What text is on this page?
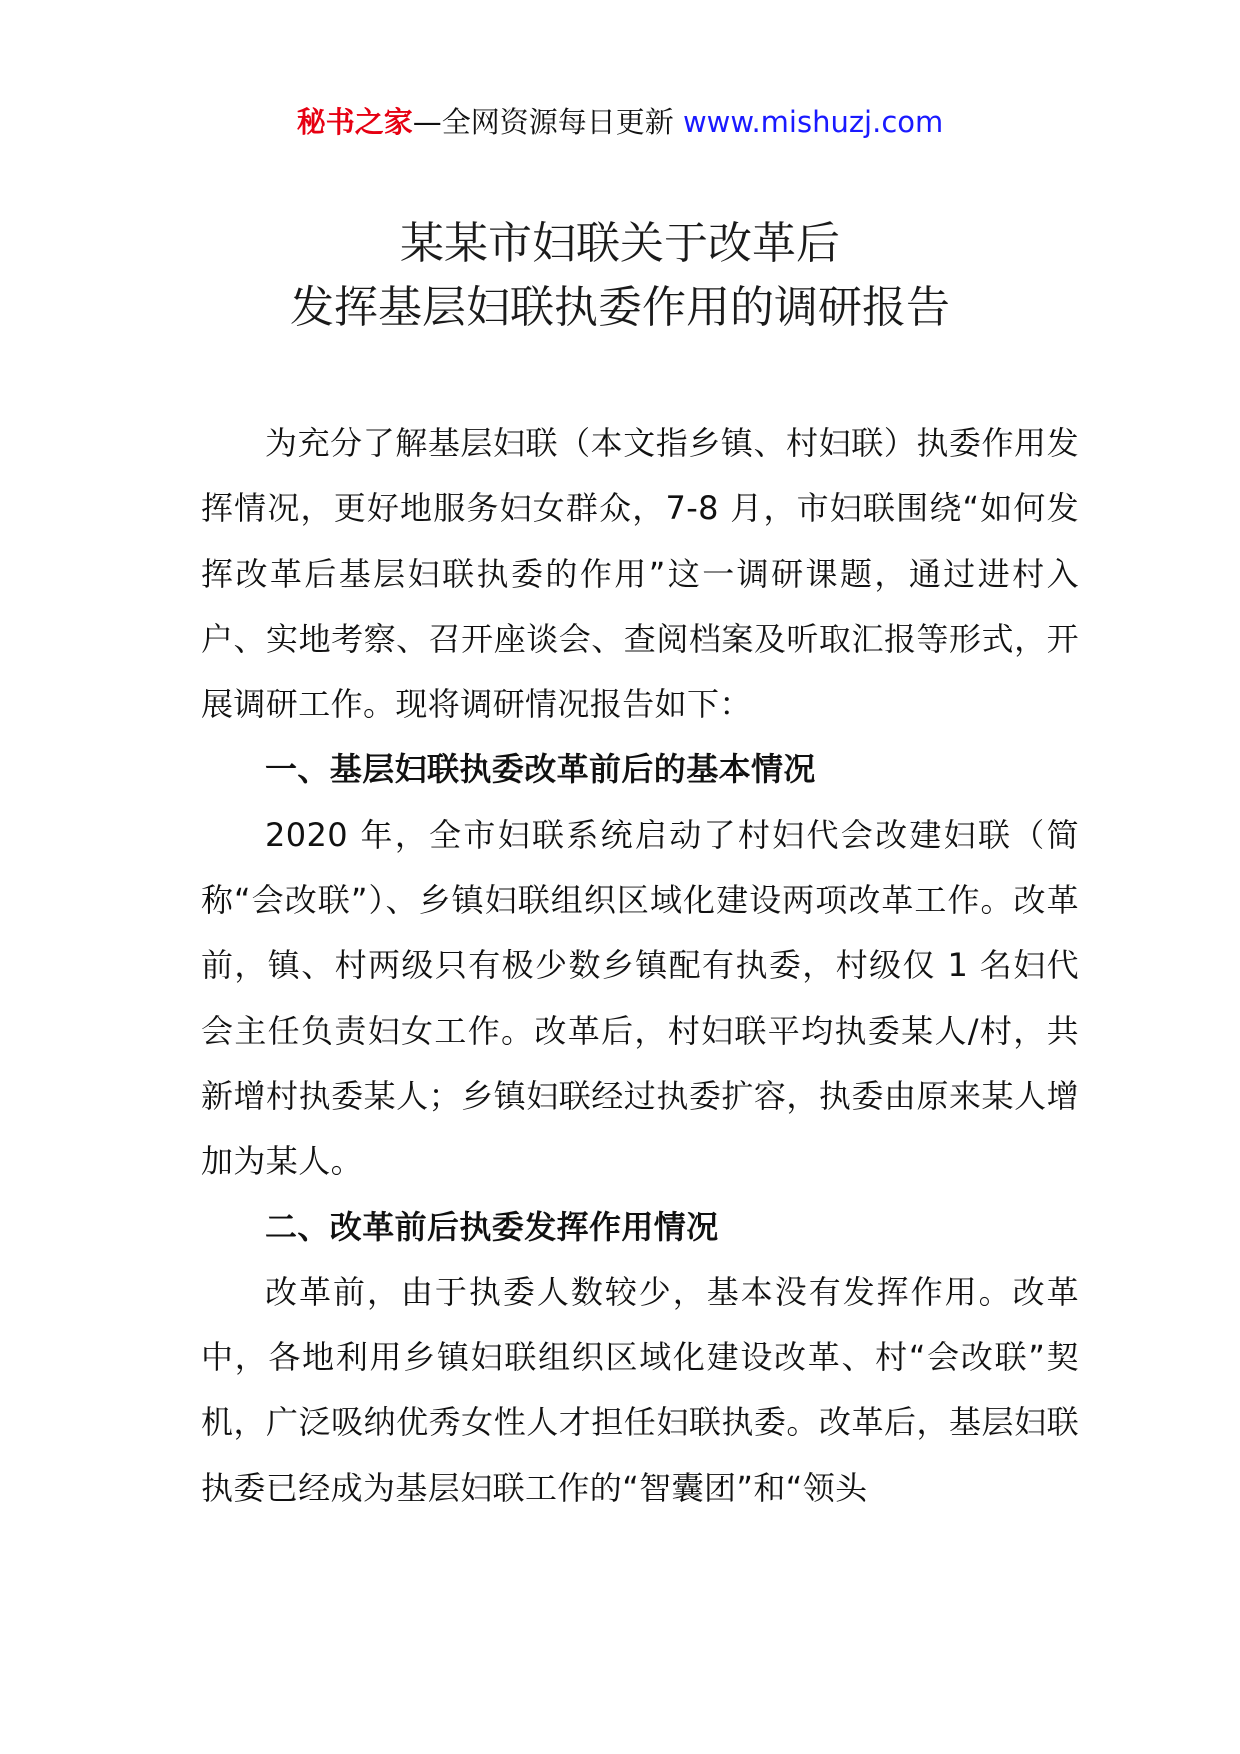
秘书之家—全网资源每日更新 www.mishuzj.com
某某市妇联关于改革后
发挥基层妇联执委作用的调研报告

为充分了解基层妇联（本文指乡镇、村妇联）执委作用发挥情况，更好地服务妇女群众，7-8 月，市妇联围绕“如何发挥改革后基层妇联执委的作用”这一调研课题，通过进村入户、实地考察、召开座谈会、查阅档案及听取汇报等形式，开展调研工作。现将调研情况报告如下：

一、基层妇联执委改革前后的基本情况

2020 年，全市妇联系统启动了村妇代会改建妇联（简称“会改联”）、乡镇妇联组织区域化建设两项改革工作。改革前，镇、村两级只有极少数乡镇配有执委，村级仅 1 名妇代会主任负责妇女工作。改革后，村妇联平均执委某人/村，共新增村执委某人；乡镇妇联经过执委扩容，执委由原来某人增加为某人。

二、改革前后执委发挥作用情况

改革前，由于执委人数较少，基本没有发挥作用。改革中，各地利用乡镇妇联组织区域化建设改革、村“会改联”契机，广泛吸纳优秀女性人才担任妇联执委。改革后，基层妇联执委已经成为基层妇联工作的“智囊团”和“领头
